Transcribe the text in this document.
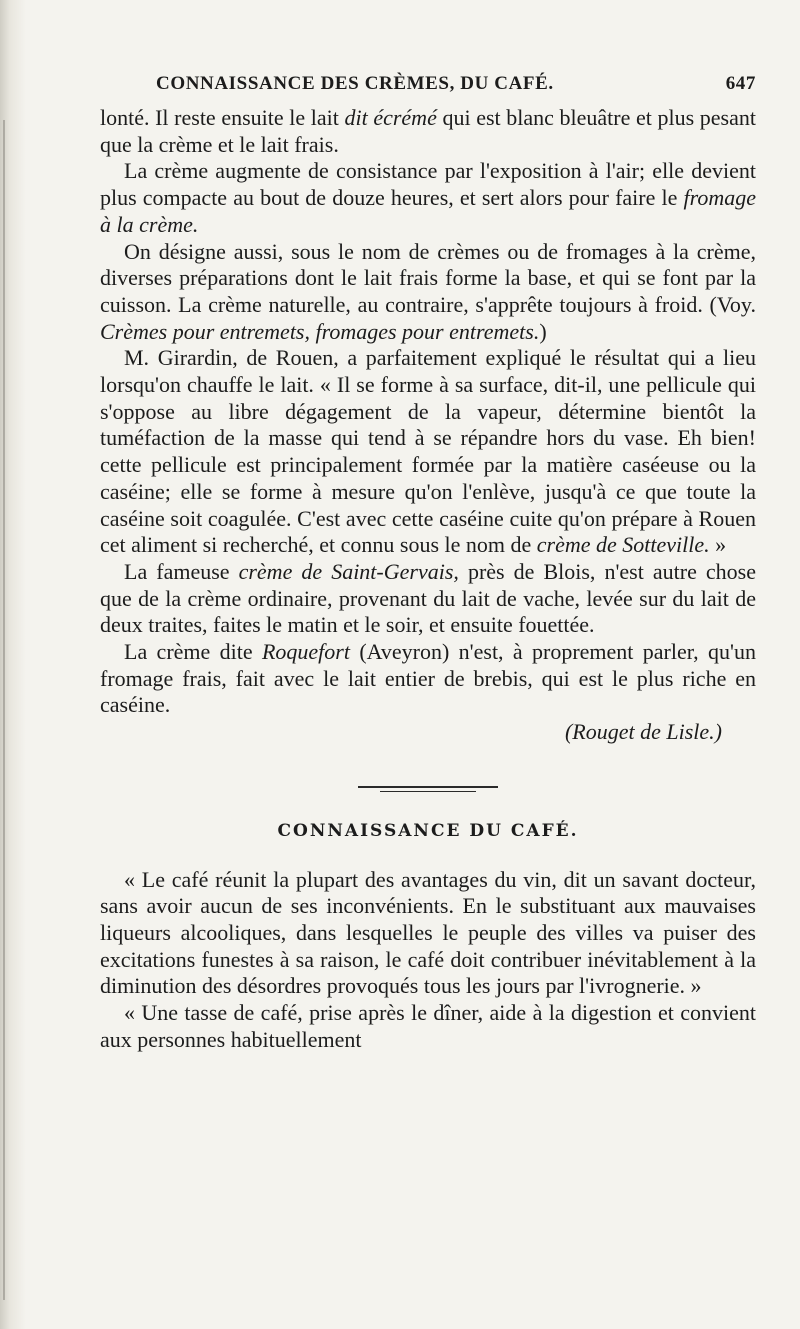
CONNAISSANCE DES CRÈMES, DU CAFÉ.	647

lonté. Il reste ensuite le lait dit écrémé qui est blanc bleuâtre et plus pesant que la crème et le lait frais.

La crème augmente de consistance par l'exposition à l'air; elle devient plus compacte au bout de douze heures, et sert alors pour faire le fromage à la crème.

On désigne aussi, sous le nom de crèmes ou de fromages à la crème, diverses préparations dont le lait frais forme la base, et qui se font par la cuisson. La crème naturelle, au contraire, s'apprête toujours à froid. (Voy. Crèmes pour entremets, fromages pour entremets.)

M. Girardin, de Rouen, a parfaitement expliqué le résultat qui a lieu lorsqu'on chauffe le lait. « Il se forme à sa surface, dit-il, une pellicule qui s'oppose au libre dégagement de la vapeur, détermine bientôt la tuméfaction de la masse qui tend à se répandre hors du vase. Eh bien! cette pellicule est principalement formée par la matière caséeuse ou la caséine; elle se forme à mesure qu'on l'enlève, jusqu'à ce que toute la caséine soit coagulée. C'est avec cette caséine cuite qu'on prépare à Rouen cet aliment si recherché, et connu sous le nom de crème de Sotteville. »

La fameuse crème de Saint-Gervais, près de Blois, n'est autre chose que de la crème ordinaire, provenant du lait de vache, levée sur du lait de deux traites, faites le matin et le soir, et ensuite fouettée.

La crème dite Roquefort (Aveyron) n'est, à proprement parler, qu'un fromage frais, fait avec le lait entier de brebis, qui est le plus riche en caséine.

(Rouget de Lisle.)

CONNAISSANCE DU CAFÉ.

« Le café réunit la plupart des avantages du vin, dit un savant docteur, sans avoir aucun de ses inconvénients. En le substituant aux mauvaises liqueurs alcooliques, dans lesquelles le peuple des villes va puiser des excitations funestes à sa raison, le café doit contribuer inévitablement à la diminution des désordres provoqués tous les jours par l'ivrognerie. »

« Une tasse de café, prise après le dîner, aide à la digestion et convient aux personnes habituellement
